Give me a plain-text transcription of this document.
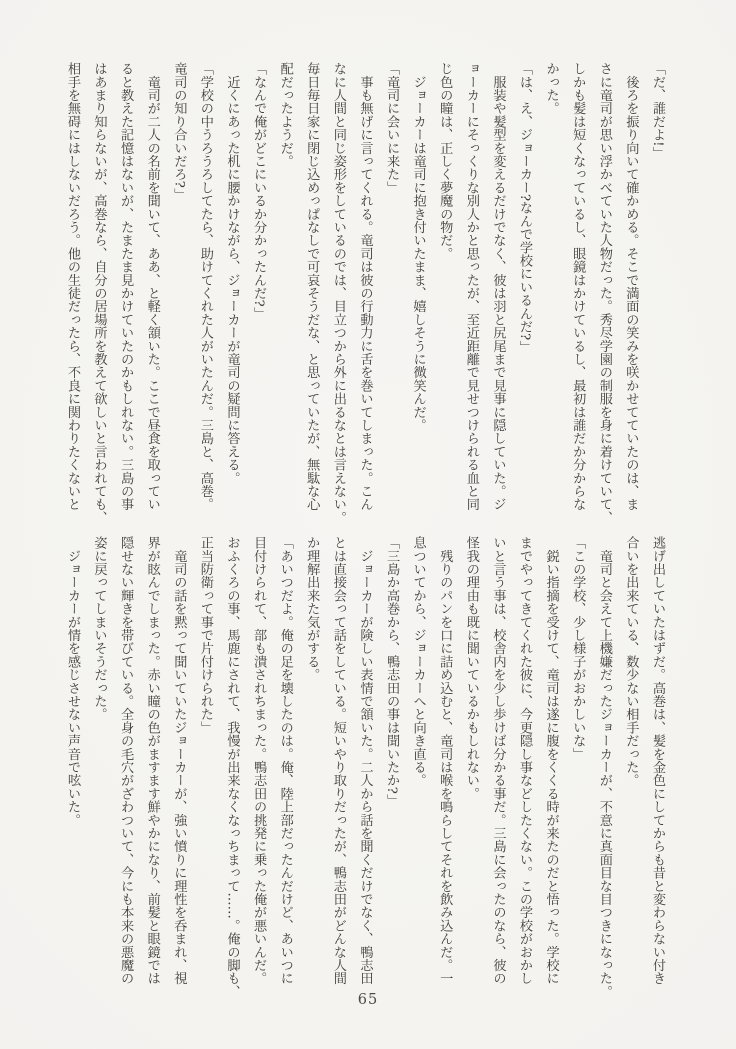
「だ、誰だよ!」

　後ろを振り向いて確かめる。そこで満面の笑みを咲かせてていたのは、ま

さに竜司が思い浮かべていた人物だった。秀尽学園の制服を身に着けていて、

しかも髪は短くなっているし、眼鏡はかけているし、最初は誰だか分からな

かった。

「は、え、ジョーカー?なんで学校にいるんだ?」

　服装や髪型を変えるだけでなく、彼は羽と尻尾まで見事に隠していた。ジ

ョーカーにそっくりな別人かと思ったが、至近距離で見せつけられる血と同

じ色の瞳は、正しく夢魔の物だ。

　ジョーカーは竜司に抱き付いたまま、嬉しそうに微笑んだ。

「竜司に会いに来た」

　事も無げに言ってくれる。竜司は彼の行動力に舌を巻いてしまった。こん

なに人間と同じ姿形をしているのでは、目立つから外に出るなとは言えない。

毎日毎日家に閉じ込めっぱなしで可哀そうだな、と思っていたが、無駄な心

配だったようだ。

「なんで俺がどこにいるか分かったんだ?」

　近くにあった机に腰かけながら、ジョーカーが竜司の疑問に答える。

「学校の中うろうろしてたら、助けてくれた人がいたんだ。三島と、高巻。

竜司の知り合いだろ?」

　竜司が二人の名前を聞いて、ああ、と軽く頷いた。ここで昼食を取ってい

ると教えた記憶はないが、たまたま見かけていたのかもしれない。三島の事

はあまり知らないが、高巻なら、自分の居場所を教えて欲しいと言われても、

相手を無碍にはしないだろう。他の生徒だったら、不良に関わりたくないと

逃げ出していたはずだ。高巻は、髪を金色にしてからも昔と変わらない付き

合いを出来ている、数少ない相手だった。

　竜司と会えて上機嫌だったジョーカーが、不意に真面目な目つきになった。

「この学校、少し様子がおかしいな」

　鋭い指摘を受けて、竜司は遂に腹をくくる時が来たのだと悟った。学校に

までやってきてくれた彼に、今更隠し事などしたくない。この学校がおかし

いと言う事は、校舎内を少し歩けば分かる事だ。三島に会ったのなら、彼の

怪我の理由も既に聞いているかもしれない。

　残りのパンを口に詰め込むと、竜司は喉を鳴らしてそれを飲み込んだ。一

息ついてから、ジョーカーへと向き直る。

「三島か高巻から、鴨志田の事は聞いたか?」

　ジョーカーが険しい表情で頷いた。二人から話を聞くだけでなく、鴨志田

とは直接会って話をしている。短いやり取りだったが、鴨志田がどんな人間

か理解出来た気がする。

「あいつだよ。俺の足を壊したのは。俺、陸上部だったんだけど、あいつに

目付けられて、部も潰されちまった。鴨志田の挑発に乗った俺が悪いんだ。

おふくろの事、馬鹿にされて、我慢が出来なくなっちまって……。俺の脚も、

正当防衛って事で片付けられた」

　竜司の話を黙って聞いていたジョーカーが、強い憤りに理性を呑まれ、視

界が眩んでしまった。赤い瞳の色がますます鮮やかになり、前髪と眼鏡では

隠せない輝きを帯びている。全身の毛穴がざわついて、今にも本来の悪魔の

姿に戻ってしまいそうだった。

　ジョーカーが情を感じさせない声音で呟いた。

65
